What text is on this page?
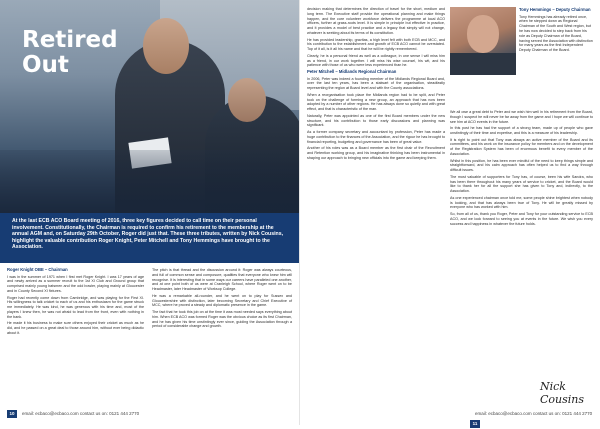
Retired
Out

At the last ECB ACO Board meeting of 2016, three key figures decided to call time on their personal involvement. Constitutionally, the Chairman is required to confirm his retirement to the membership at the annual AGM and, on Saturday 29th October, Roger did just that. These three tributes, written by Nick Cousins, highlight the valuable contribution Roger Knight, Peter Mitchell and Tony Hemmings have brought to the Association.

Roger Knight OBE – Chairman

I was in the summer of 1971 when I first met Roger Knight. I was 17 years of age and newly arrived as a summer recruit to the 1st XI Club and Ground group that comprised mainly young batsmen and the odd bowler, playing mainly at Gloucester and in County Second XI fixtures.

Roger had recently come down from Cambridge, and was playing for the First XI. His willingness to talk cricket to each of us and his enthusiasm for the game struck me immediately. He was kind, he was generous with his time and, most of the players I knew then, he was not afraid to lead from the front, even with nothing in the bank.

He made it his business to make sure others enjoyed their cricket as much as he did, and he passed on a great deal to those around him, without ever being didactic about it.

The pitch is that thread and the discussion around it: Roger was always courteous, and full of common sense and composure, qualities that everyone who knew him will recognise. It is interesting that in some ways our careers have paralleled one another, and at one point both of us were at Cranleigh School, where Roger went on to be Headmaster, later Headmaster of Worksop College.

He was a remarkable all-rounder, and he went on to play for Sussex and Gloucestershire with distinction, later becoming Secretary and Chief Executive of MCC, where he proved a steady and diplomatic presence in the game.

The fact that he took this job on at the time it was most needed says everything about him. When ECB ACO was formed Roger was the obvious choice as its first Chairman, and he has given his time unstintingly ever since, guiding the Association through a period of considerable change and growth.

10 email: ecbaco@ecbaco.com contact us on: 0121 444 2770

decision making that determines the direction of travel for the short, medium and long term. The Executive staff provide the operational planning and make things happen, and the core volunteer workforce delivers the programme at local ACO officers, further at grass-roots level. It is simple in principle but effective in practice, and it provides a model of best practice and a legacy that simply will not change, whatever is seeking about its terms of its constitution.

He has provided leadership, gravitas, a high level felt with both ECB and MCC, and his contribution to the establishment and growth of ECB ACO cannot be overstated. Top of it all, is it all his name and that he will be rightly remembered.

Clearly, he is a personal friend as well as a colleague, in one sense I will miss him as a friend, in our work together. I will miss his wise counsel, his wit, and his patience with those of us who were less experienced than he.

Peter Mitchell – Midlands Regional Chairman

In 2006, Peter was indeed a founding member of the Midlands Regional Board and, over the last ten years, has been a stalwart of the organisation, steadfastly representing the region at Board level and with the County associations.

When a reorganisation took place the Midlands region had to be split, and Peter took on the challenge of forming a new group, an approach that has now been adopted by a number of other regions. He has always done so quietly and with great effect, and that is characteristic of the man.

Naturally, Peter was appointed as one of the first Board members under the new structure, and his contribution to those early discussions and planning was significant.

As a former company secretary and accountant by profession, Peter has made a huge contribution to the finances of the Association, and the rigour he has brought to financial reporting, budgeting and governance has been of great value.

Another of his roles was as a Board member as the first chair of the Recruitment and Retention working group, and his imaginative thinking has been instrumental in shaping our approach to bringing new officials into the game and keeping them.

Tony Hemmings – Deputy Chairman
Tony Hemmings has already retired once, when he stepped down as Regional Chairman of the South and West region, but he has now decided to step back from his role as Deputy Chairman of the Board, having served the Association with distinction for many years as the first Independent Deputy Chairman of the Board.

We all owe a great debt to Peter and we wish him well in his retirement from the Board, though I suspect he will never be far away from the game and I hope we will continue to see him at ACO events in the future.

In this post he has had the support of a strong team, made up of people who gave unstintingly of their time and expertise, and this is a measure of his leadership.

It is right to point out that Tony was always an active member of the Board and its committees, and his work on the insurance policy for members and on the development of the Registration System has been of enormous benefit to every member of the Association.

Whilst in this position, he has been ever mindful of the need to keep things simple and straightforward, and his calm approach has often helped us to find a way through difficult issues.

The most valuable of supporters for Tony has, of course, been his wife Sandra, who has been there throughout his many years of service to cricket, and the Board would like to thank her for all the support she has given to Tony and, indirectly, to the Association.

As one experienced chairman once told me, some people shine brightest when nobody is looking, and that has always been true of Tony. He will be greatly missed by everyone who has worked with him.

So, from all of us, thank you Roger, Peter and Tony for your outstanding service to ECB ACO, and we look forward to seeing you at events in the future. We wish you every success and happiness in whatever the future holds.

Nick Cousins
email: ecbaco@ecbaco.com contact us on: 0121 444 277011
